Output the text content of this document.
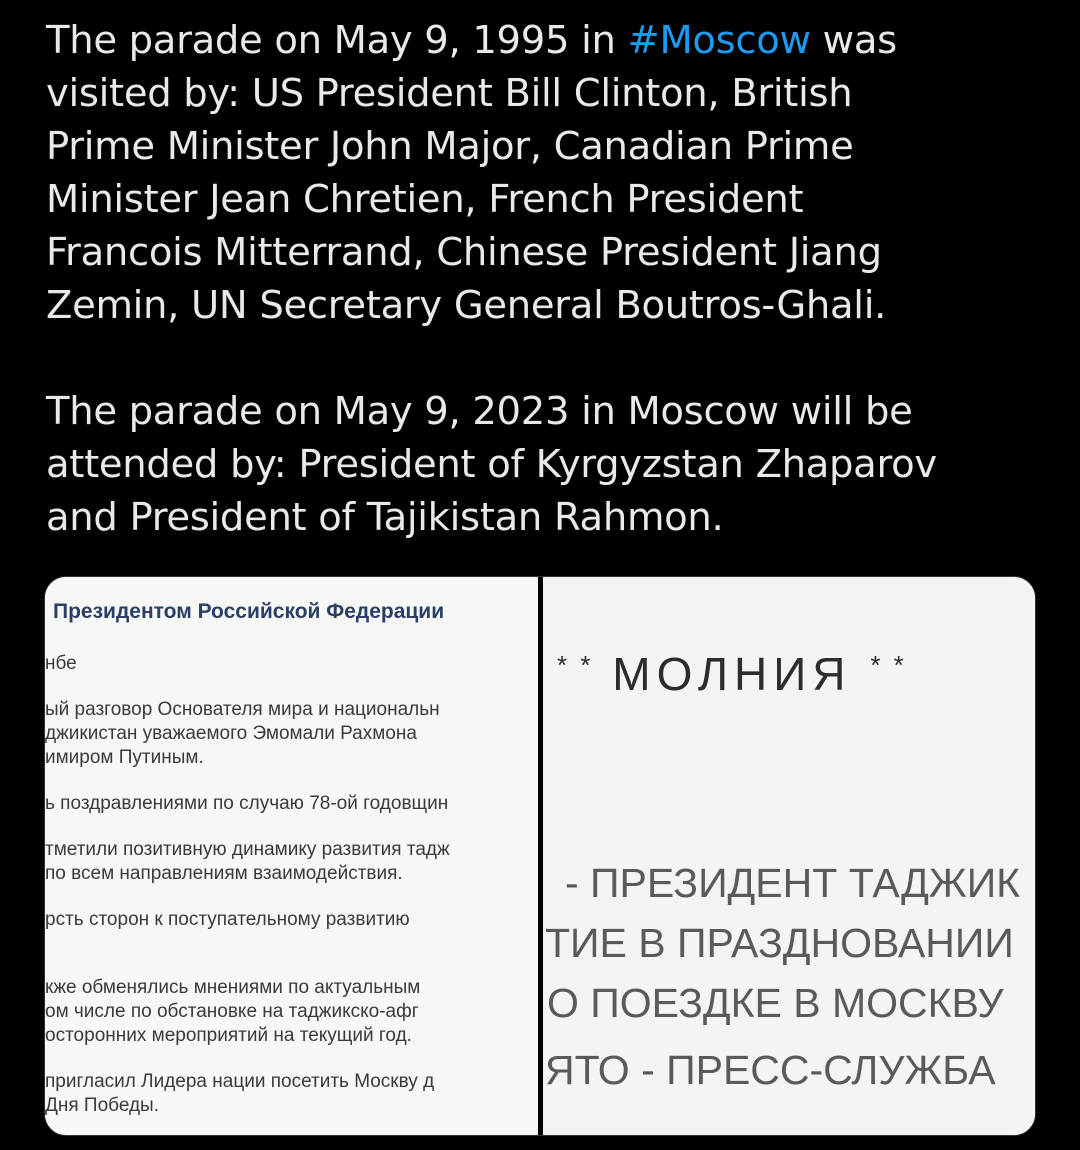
The parade on May 9, 1995 in #Moscow was
visited by: US President Bill Clinton, British
Prime Minister John Major, Canadian Prime
Minister Jean Chretien, French President
Francois Mitterrand, Chinese President Jiang
Zemin, UN Secretary General Boutros-Ghali.

The parade on May 9, 2023 in Moscow will be
attended by: President of Kyrgyzstan Zhaparov
and President of Tajikistan Rahmon.

Президентом Российской Федерации
нбе
ый разговор Основателя мира и национальн
джикистан уважаемого Эмомали Рахмона
имиром Путиным.
ь поздравлениями по случаю 78-ой годовщин
тметили позитивную динамику развития тадж
по всем направлениям взаимодействия.
рсть сторон к поступательному развитию
кже обменялись мнениями по актуальным
ом числе по обстановке на таджикско-афг
осторонних мероприятий на текущий год.
пригласил Лидера нации посетить Москву д
Дня Победы.
* * МОЛНИЯ * *
- ПРЕЗИДЕНТ ТАДЖИК
ТИЕ В ПРАЗДНОВАНИИ
О ПОЕЗДКЕ В МОСКВУ
ЯТО - ПРЕСС-СЛУЖБА
